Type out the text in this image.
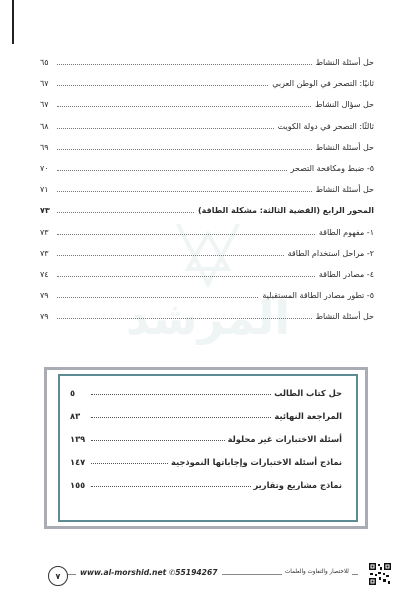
حل أسئلة النشاط
٦٥
ثانيًا: التصحر في الوطن العربي
٦٧
حل سؤال النشاط
٦٧
ثالثًا: التصحر في دولة الكويت
٦٨
حل أسئلة النشاط
٦٩
٥- ضبط ومكافحة التصحر
٧٠
حل أسئلة النشاط
٧١
المحور الرابع (القضية الثالثة: مشكلة الطاقة)
٧٣
١- مفهوم الطاقة
٧٣
٢- مراحل استخدام الطاقة
٧٣
٤- مصادر الطاقة
٧٤
٥- تطور مصادر الطاقة المستقبلية
٧٩
حل أسئلة النشاط
٧٩ المرشد
حل كتاب الطالب
٥
المراجعة النهائية
٨٣
أسئلة الاختبارات غير محلولة
١٣٩
نماذج أسئلة الاختبارات وإجاباتها النموذجية
١٤٧
نماذج مشاريع وتقارير
١٥٥
٧	www.al-morshid.net ✆55194267	للاختصار والتفاوت والعلمات
